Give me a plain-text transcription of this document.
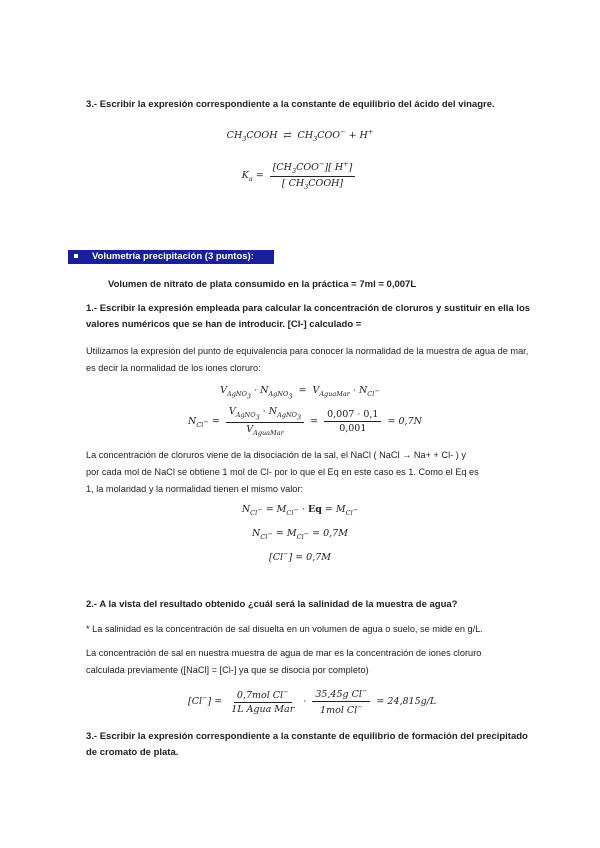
3.- Escribir la expresión correspondiente a la constante de equilibrio del ácido del vinagre.
$CH_3COOH$  ⇄  $CH_3COO^- + H^+$
$K_a = \frac{[CH_3COO^-][ H^+]}{[ CH_3COOH]}$
Volumetría precipitación (3 puntos):
Volumen de nitrato de plata consumido en la práctica = 7ml = 0,007L
1.- Escribir la expresión empleada para calcular la concentración de cloruros y sustituir en ella los valores numéricos que se han de introducir. [Cl-] calculado =
Utilizamos la expresión del punto de equivalencia para conocer la normalidad de la muestra de agua de mar, es decir la normalidad de los iones cloruro:
$V_{AgNO_3} \cdot N_{AgNO_3} = V_{AguaMar} \cdot N_{Cl^-}$
$N_{Cl^-} = \frac{V_{AgNO_3} \cdot N_{AgNO_3}}{V_{AguaMar}} = \frac{0,007 \cdot 0,1}{0,001} = 0,7N$
La concentración de cloruros viene de la disociación de la sal, el NaCl ( NaCl → Na+ + Cl- ) y
por cada mol de NaCl se obtiene 1 mol de Cl- por lo que el Eq en este caso es 1. Como el Eq es
1, la molaridad y la normalidad tienen el mismo valor:
$N_{Cl^-} = M_{Cl^-} \cdot Eq = M_{Cl^-}$
$N_{Cl^-} = M_{Cl^-} = 0,7M$
[Cl−] = 0,7M
2.- A la vista del resultado obtenido ¿cuál será la salinidad de la muestra de agua?
* La salinidad es la concentración de sal disuelta en un volumen de agua o suelo, se mide en g/L.
La concentración de sal en nuestra muestra de agua de mar es la concentración de iones cloruro
calculada previamente ([NaCl] = [Cl-] ya que se disocia por completo)
$[Cl^-] = \frac{0,7mol Cl^-}{\text{1L Agua Mar}} \cdot \frac{35,45g Cl^-}{1mol Cl^-} = 24,815g/L$
3.- Escribir la expresión correspondiente a la constante de equilibrio de formación del precipitado
de cromato de plata.
